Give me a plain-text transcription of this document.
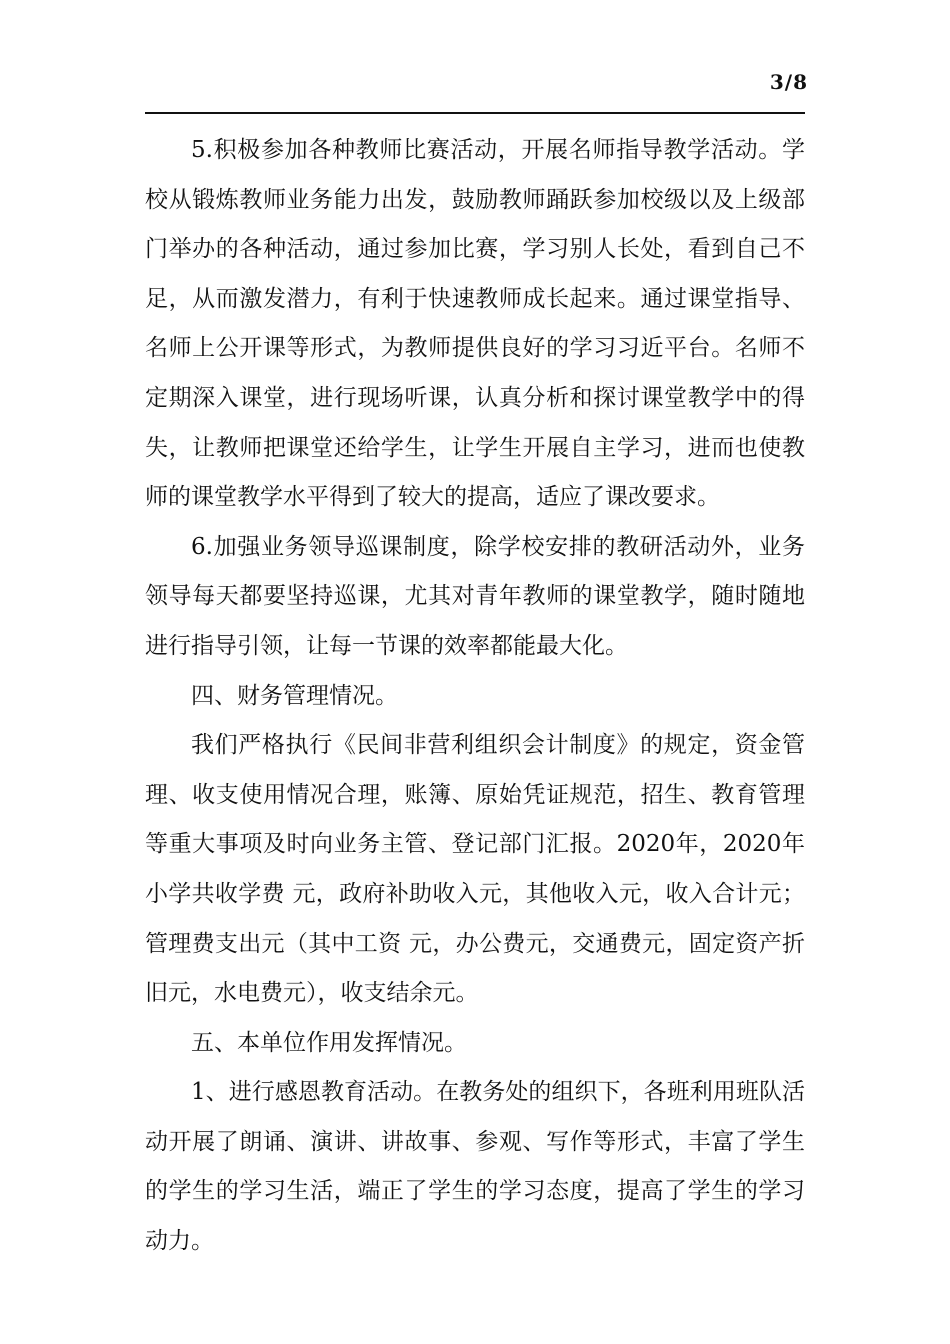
3/8

5.积极参加各种教师比赛活动，开展名师指导教学活动。学校从锻炼教师业务能力出发，鼓励教师踊跃参加校级以及上级部门举办的各种活动，通过参加比赛，学习别人长处，看到自己不足，从而激发潜力，有利于快速教师成长起来。通过课堂指导、名师上公开课等形式，为教师提供良好的学习习近平台。名师不定期深入课堂，进行现场听课，认真分析和探讨课堂教学中的得失，让教师把课堂还给学生，让学生开展自主学习，进而也使教师的课堂教学水平得到了较大的提高，适应了课改要求。

6.加强业务领导巡课制度，除学校安排的教研活动外，业务领导每天都要坚持巡课，尤其对青年教师的课堂教学，随时随地进行指导引领，让每一节课的效率都能最大化。

四、财务管理情况。

我们严格执行《民间非营利组织会计制度》的规定，资金管理、收支使用情况合理，账簿、原始凭证规范，招生、教育管理等重大事项及时向业务主管、登记部门汇报。2020年，2020年小学共收学费 元，政府补助收入元，其他收入元，收入合计元；管理费支出元（其中工资 元，办公费元，交通费元，固定资产折旧元，水电费元），收支结余元。

五、本单位作用发挥情况。

1、进行感恩教育活动。在教务处的组织下，各班利用班队活动开展了朗诵、演讲、讲故事、参观、写作等形式，丰富了学生的学生的学习生活，端正了学生的学习态度，提高了学生的学习动力。
